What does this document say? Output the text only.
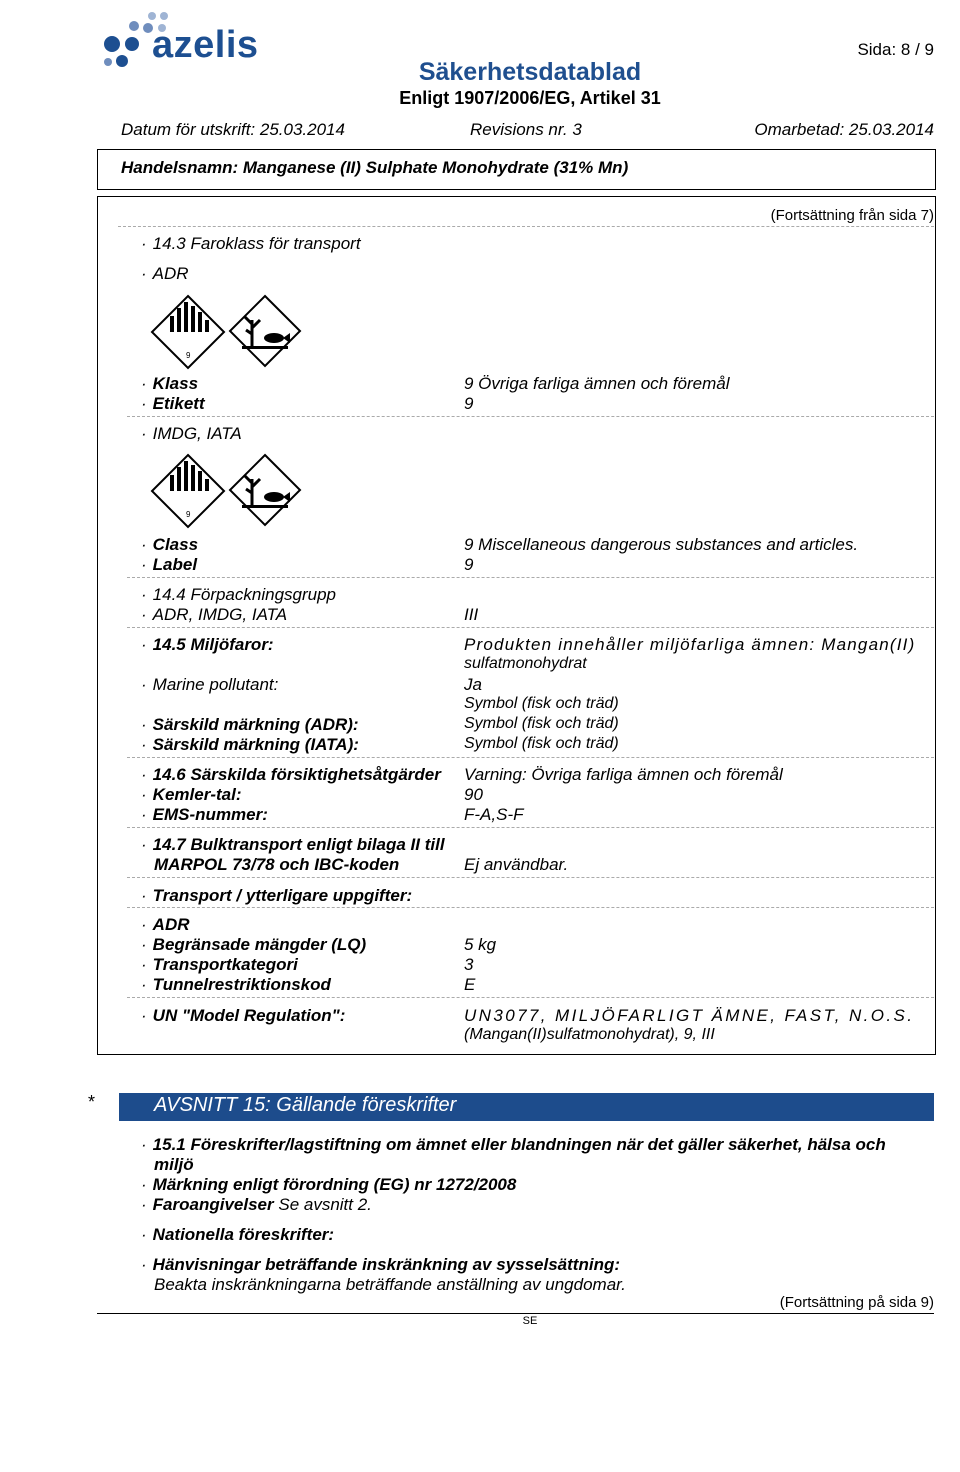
azelis
Säkerhetsdatablad
Enligt 1907/2006/EG, Artikel 31
Sida: 8 / 9
Datum för utskrift: 25.03.2014	Revisions nr. 3	Omarbetad: 25.03.2014
Handelsnamn: Manganese (II) Sulphate Monohydrate (31% Mn)
(Fortsättning från sida 7)
· 14.3 Faroklass för transport
· ADR
9
· Klass	9 Övriga farliga ämnen och föremål
· Etikett	9
· IMDG, IATA
9
· Class	9 Miscellaneous dangerous substances and articles.
· Label	9
· 14.4 Förpackningsgrupp
· ADR, IMDG, IATA	III
· 14.5 Miljöfaror:	Produkten innehåller miljöfarliga ämnen: Mangan(II)
sulfatmonohydrat
· Marine pollutant:	Ja
Symbol (fisk och träd)
· Särskild märkning (ADR):	Symbol (fisk och träd)
· Särskild märkning (IATA):	Symbol (fisk och träd)
· 14.6 Särskilda försiktighetsåtgärder Varning: Övriga farliga ämnen och föremål
· Kemler-tal:	90
· EMS-nummer:	F-A,S-F
· 14.7 Bulktransport enligt bilaga II till
MARPOL 73/78 och IBC-koden	Ej användbar.
· Transport / ytterligare uppgifter:
· ADR
· Begränsade mängder (LQ)	5 kg
· Transportkategori	3
· Tunnelrestriktionskod	E
· UN "Model Regulation":	UN3077, MILJÖFARLIGT ÄMNE, FAST, N.O.S.
(Mangan(II)sulfatmonohydrat), 9, III
*	AVSNITT 15: Gällande föreskrifter
· 15.1 Föreskrifter/lagstiftning om ämnet eller blandningen när det gäller säkerhet, hälsa och
miljö
· Märkning enligt förordning (EG) nr 1272/2008
· Faroangivelser Se avsnitt 2.
· Nationella föreskrifter:
· Hänvisningar beträffande inskränkning av sysselsättning:
Beakta inskränkningarna beträffande anställning av ungdomar.
(Fortsättning på sida 9)
SE
